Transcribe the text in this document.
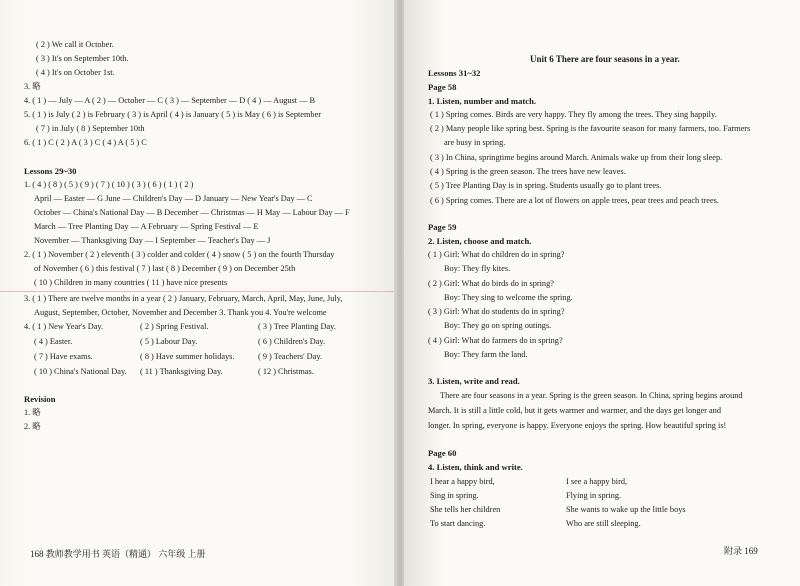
( 2 ) We call it October.
( 3 ) It's on September 10th.
( 4 ) It's on October 1st.
3. 略
4. ( 1 ) — July — A ( 2 ) — October — C ( 3 ) — September — D ( 4 ) — August — B
5. ( 1 ) is July ( 2 ) is February ( 3 ) is April ( 4 ) is January ( 5 ) is May ( 6 ) is September
( 7 ) in July ( 8 ) September 10th
6. ( 1 ) C ( 2 ) A ( 3 ) C ( 4 ) A ( 5 ) C
Lessons 29~30
1. ( 4 ) ( 8 ) ( 5 ) ( 9 ) ( 7 ) ( 10 ) ( 3 ) ( 6 ) ( 1 ) ( 2 )
April — Easter — G June — Children's Day — D January — New Year's Day — C
October — China's National Day — B December — Christmas — H May — Labour Day — F
March — Tree Planting Day — A February — Spring Festival — E
November — Thanksgiving Day — I September — Teacher's Day — J
2. ( 1 ) November ( 2 ) eleventh ( 3 ) colder and colder ( 4 ) snow ( 5 ) on the fourth Thursday
of November ( 6 ) this festival ( 7 ) last ( 8 ) December ( 9 ) on December 25th
( 10 ) Children in many countries ( 11 ) have nice presents
3. ( 1 ) There are twelve months in a year ( 2 ) January, February, March, April, May, June, July,
August, September, October, November and December 3. Thank you 4. You're welcome
4. ( 1 ) New Year's Day.	( 2 ) Spring Festival.	( 3 ) Tree Planting Day.
( 4 ) Easter.	( 5 ) Labour Day.	( 6 ) Children's Day.
( 7 ) Have exams.	( 8 ) Have summer holidays.	( 9 ) Teachers' Day.
( 10 ) China's National Day. ( 11 ) Thanksgiving Day.	( 12 ) Christmas.
Revision
1. 略
2. 略
168 教师教学用书 英语（精通） 六年级 上册
Unit 6 There are four seasons in a year.
Lessons 31~32
Page 58
1. Listen, number and match.
( 1 ) Spring comes. Birds are very happy. They fly among the trees. They sing happily.
( 2 ) Many people like spring best. Spring is the favourite season for many farmers, too. Farmers
are busy in spring.
( 3 ) In China, springtime begins around March. Animals wake up from their long sleep.
( 4 ) Spring is the green season. The trees have new leaves.
( 5 ) Tree Planting Day is in spring. Students usually go to plant trees.
( 6 ) Spring comes. There are a lot of flowers on apple trees, pear trees and peach trees.
Page 59
2. Listen, choose and match.
( 1 ) Girl: What do children do in spring?
Boy: They fly kites.
( 2 ) Girl: What do birds do in spring?
Boy: They sing to welcome the spring.
( 3 ) Girl: What do students do in spring?
Boy: They go on spring outings.
( 4 ) Girl: What do farmers do in spring?
Boy: They farm the land.
3. Listen, write and read.
There are four seasons in a year. Spring is the green season. In China, spring begins around
March. It is still a little cold, but it gets warmer and warmer, and the days get longer and
longer. In spring, everyone is happy. Everyone enjoys the spring. How beautiful spring is!
Page 60
4. Listen, think and write.
I hear a happy bird,
Sing in spring.
She tells her children
To start dancing.
I see a happy bird,
Flying in spring.
She wants to wake up the little boys
Who are still sleeping.
附录 169
